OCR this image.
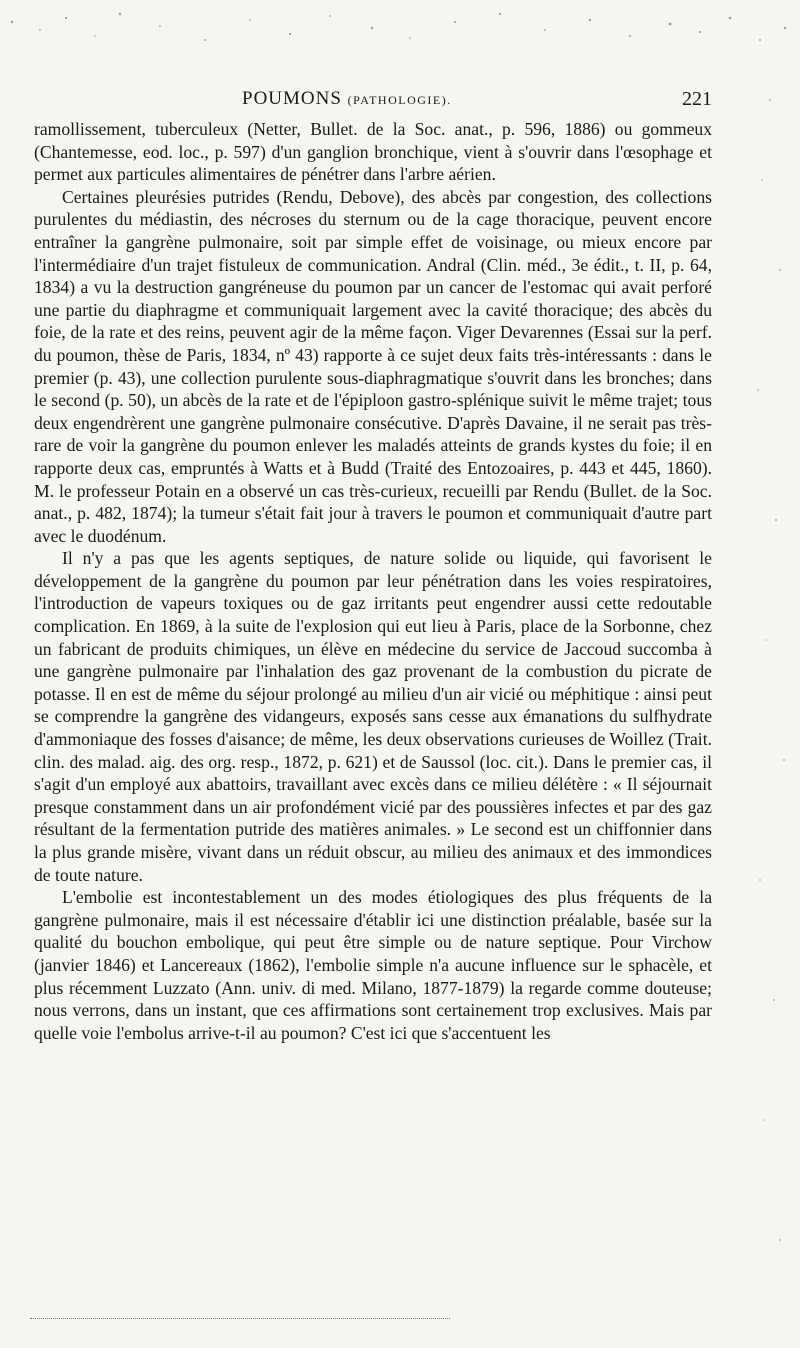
POUMONS (PATHOLOGIE).	221

ramollissement, tuberculeux (Netter, Bullet. de la Soc. anat., p. 596, 1886) ou gommeux (Chantemesse, eod. loc., p. 597) d'un ganglion bronchique, vient à s'ouvrir dans l'œsophage et permet aux particules alimentaires de pénétrer dans l'arbre aérien.

Certaines pleurésies putrides (Rendu, Debove), des abcès par congestion, des collections purulentes du médiastin, des nécroses du sternum ou de la cage thoracique, peuvent encore entraîner la gangrène pulmonaire, soit par simple effet de voisinage, ou mieux encore par l'intermédiaire d'un trajet fistuleux de communication. Andral (Clin. méd., 3e édit., t. II, p. 64, 1834) a vu la destruction gangréneuse du poumon par un cancer de l'estomac qui avait perforé une partie du diaphragme et communiquait largement avec la cavité thoracique; des abcès du foie, de la rate et des reins, peuvent agir de la même façon. Viger Devarennes (Essai sur la perf. du poumon, thèse de Paris, 1834, nº 43) rapporte à ce sujet deux faits très-intéressants : dans le premier (p. 43), une collection purulente sous-diaphragmatique s'ouvrit dans les bronches; dans le second (p. 50), un abcès de la rate et de l'épiploon gastro-splénique suivit le même trajet; tous deux engendrèrent une gangrène pulmonaire consécutive. D'après Davaine, il ne serait pas très-rare de voir la gangrène du poumon enlever les maladés atteints de grands kystes du foie; il en rapporte deux cas, empruntés à Watts et à Budd (Traité des Entozoaires, p. 443 et 445, 1860). M. le professeur Potain en a observé un cas très-curieux, recueilli par Rendu (Bullet. de la Soc. anat., p. 482, 1874); la tumeur s'était fait jour à travers le poumon et communiquait d'autre part avec le duodénum.

Il n'y a pas que les agents septiques, de nature solide ou liquide, qui favorisent le développement de la gangrène du poumon par leur pénétration dans les voies respiratoires, l'introduction de vapeurs toxiques ou de gaz irritants peut engendrer aussi cette redoutable complication. En 1869, à la suite de l'explosion qui eut lieu à Paris, place de la Sorbonne, chez un fabricant de produits chimiques, un élève en médecine du service de Jaccoud succomba à une gangrène pulmonaire par l'inhalation des gaz provenant de la combustion du picrate de potasse. Il en est de même du séjour prolongé au milieu d'un air vicié ou méphitique : ainsi peut se comprendre la gangrène des vidangeurs, exposés sans cesse aux émanations du sulfhydrate d'ammoniaque des fosses d'aisance; de même, les deux observations curieuses de Woillez (Trait. clin. des malad. aig. des org. resp., 1872, p. 621) et de Saussol (loc. cit.). Dans le premier cas, il s'agit d'un employé aux abattoirs, travaillant avec excès dans ce milieu délétère : « Il séjournait presque constamment dans un air profondément vicié par des poussières infectes et par des gaz résultant de la fermentation putride des matières animales. » Le second est un chiffonnier dans la plus grande misère, vivant dans un réduit obscur, au milieu des animaux et des immondices de toute nature.

L'embolie est incontestablement un des modes étiologiques des plus fréquents de la gangrène pulmonaire, mais il est nécessaire d'établir ici une distinction préalable, basée sur la qualité du bouchon embolique, qui peut être simple ou de nature septique. Pour Virchow (janvier 1846) et Lancereaux (1862), l'embolie simple n'a aucune influence sur le sphacèle, et plus récemment Luzzato (Ann. univ. di med. Milano, 1877-1879) la regarde comme douteuse; nous verrons, dans un instant, que ces affirmations sont certainement trop exclusives. Mais par quelle voie l'embolus arrive-t-il au poumon? C'est ici que s'accentuent les
